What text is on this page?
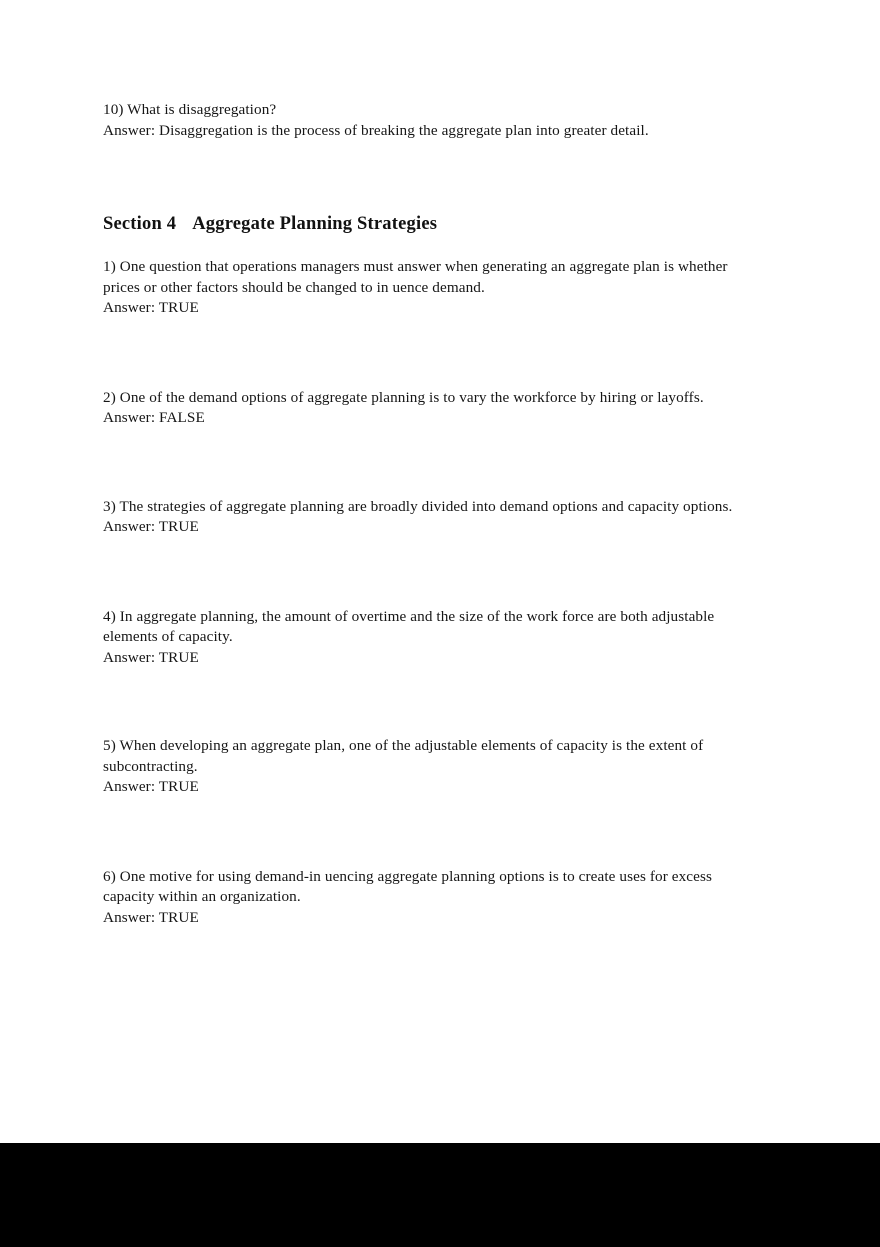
10) What is disaggregation?

Answer: Disaggregation is the process of breaking the aggregate plan into greater detail.

Section 4 Aggregate Planning Strategies

1) One question that operations managers must answer when generating an aggregate plan is whether

prices or other factors should be changed to in uence demand.

Answer: TRUE

2) One of the demand options of aggregate planning is to vary the workforce by hiring or layoffs.

Answer: FALSE

3) The strategies of aggregate planning are broadly divided into demand options and capacity options.

Answer: TRUE

4) In aggregate planning, the amount of overtime and the size of the work force are both adjustable

elements of capacity.

Answer: TRUE

5) When developing an aggregate plan, one of the adjustable elements of capacity is the extent of

subcontracting.

Answer: TRUE

6) One motive for using demand-in uencing aggregate planning options is to create uses for excess

capacity within an organization.

Answer: TRUE
